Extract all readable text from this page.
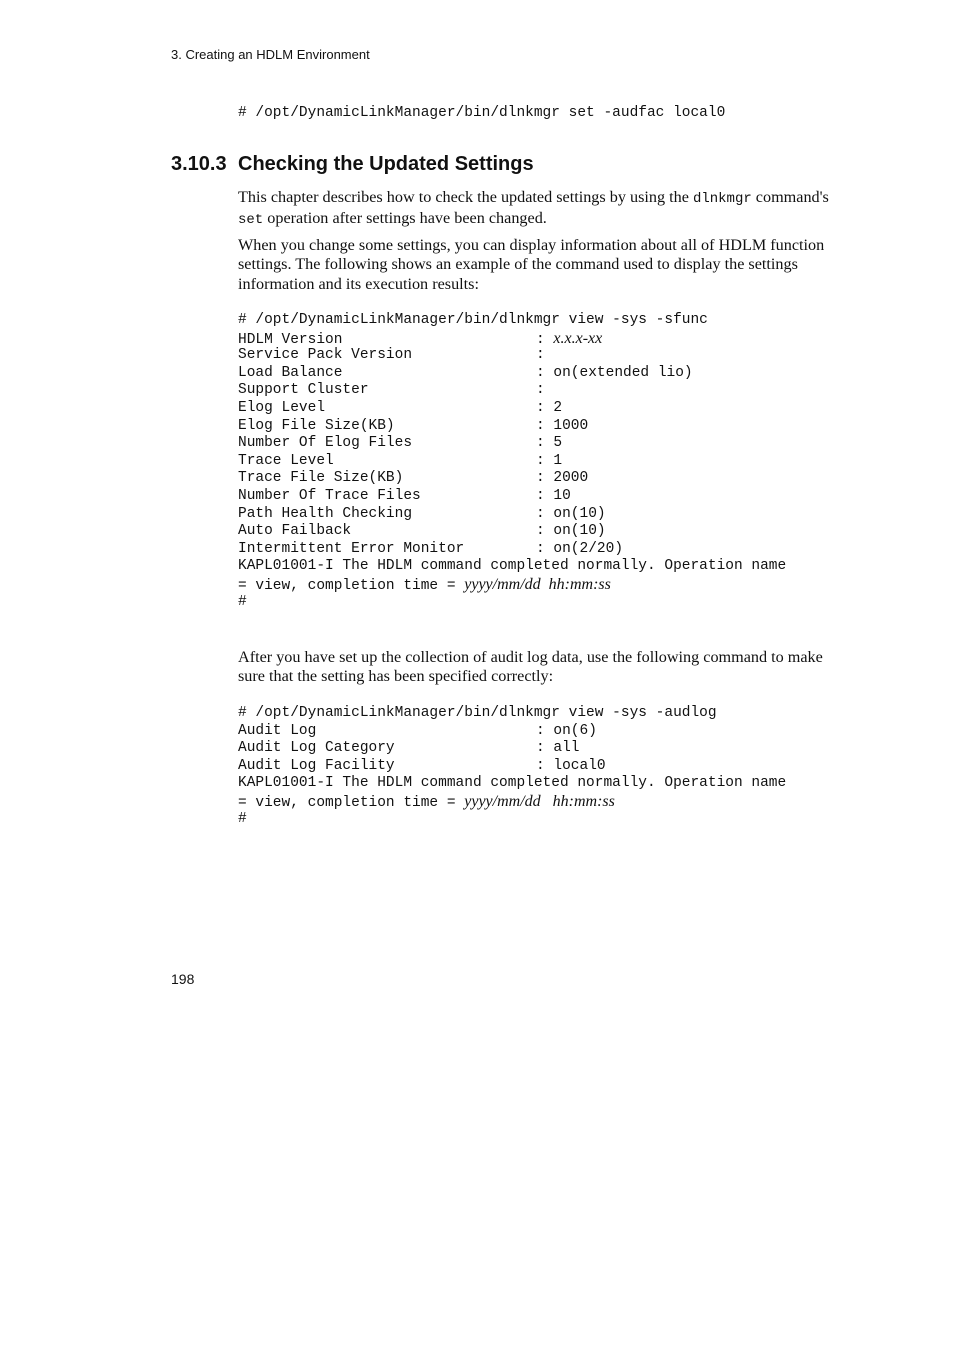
3. Creating an HDLM Environment
# /opt/DynamicLinkManager/bin/dlnkmgr set -audfac local0
3.10.3 Checking the Updated Settings

This chapter describes how to check the updated settings by using the dlnkmgr command's set operation after settings have been changed.

When you change some settings, you can display information about all of HDLM function settings. The following shows an example of the command used to display the settings information and its execution results:

# /opt/DynamicLinkManager/bin/dlnkmgr view -sys -sfunc
HDLM Version	: x.x.x-xx
Service Pack Version	:
Load Balance	: on(extended lio)
Support Cluster	:
Elog Level	: 2
Elog File Size(KB)	: 1000
Number Of Elog Files	: 5
Trace Level	: 1
Trace File Size(KB)	: 2000
Number Of Trace Files	: 10
Path Health Checking	: on(10)
Auto Failback	: on(10)
Intermittent Error Monitor	: on(2/20)
KAPL01001-I The HDLM command completed normally. Operation name
= view, completion time = yyyy/mm/dd  hh:mm:ss
#

After you have set up the collection of audit log data, use the following command to make sure that the setting has been specified correctly:

# /opt/DynamicLinkManager/bin/dlnkmgr view -sys -audlog
Audit Log	: on(6)
Audit Log Category	: all
Audit Log Facility	: local0
KAPL01001-I The HDLM command completed normally. Operation name
= view, completion time = yyyy/mm/dd   hh:mm:ss
#
198
